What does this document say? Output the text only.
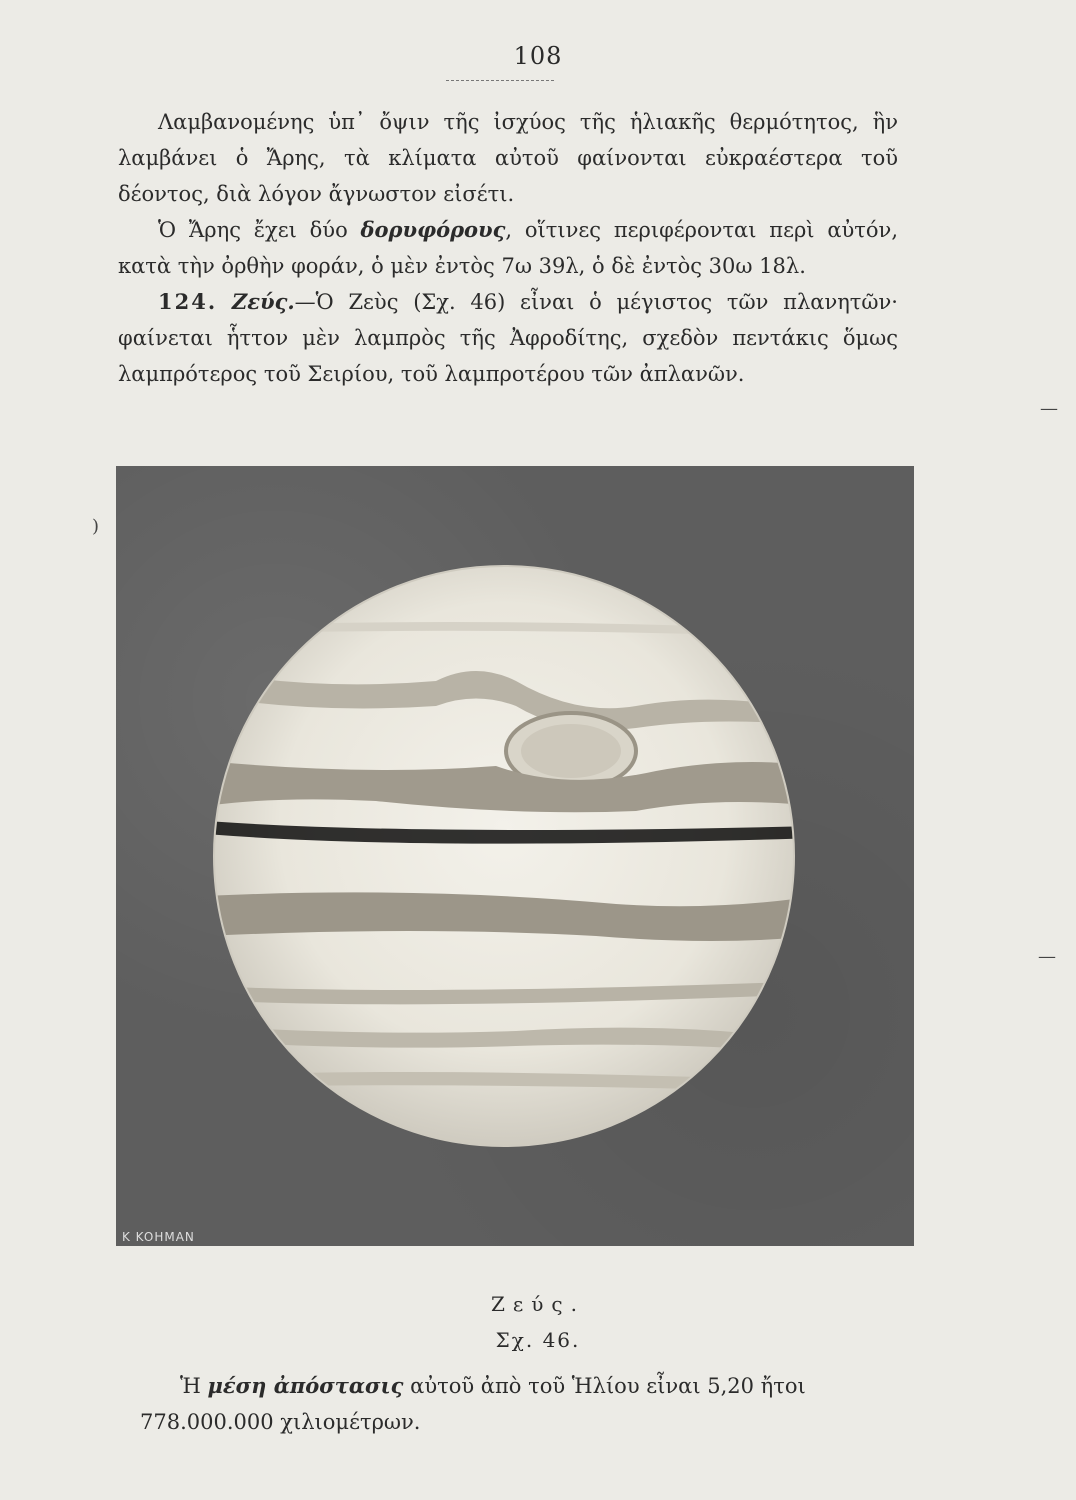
108

Λαμβανομένης ὑπ᾽ ὄψιν τῆς ἰσχύος τῆς ἡλιακῆς θερμότητος, ἣν λαμβάνει ὁ Ἄρης, τὰ κλίματα αὐτοῦ φαίνονται εὐκραέστερα τοῦ δέοντος, διὰ λόγον ἄγνωστον εἰσέτι.

Ὁ Ἄρης ἔχει δύο δορυφόρους, οἵτινες περιφέρονται περὶ αὐτόν, κατὰ τὴν ὀρθὴν φοράν, ὁ μὲν ἐντὸς 7ω 39λ, ὁ δὲ ἐντὸς 30ω 18λ.

124. Ζεύς.—Ὁ Ζεὺς (Σχ. 46) εἶναι ὁ μέγιστος τῶν πλανητῶν· φαίνεται ἧττον μὲν λαμπρὸς τῆς Ἀφροδίτης, σχεδὸν πεντάκις ὅμως λαμπρότερος τοῦ Σειρίου, τοῦ λαμπροτέρου τῶν ἀπλανῶν.

K KOHMAN
Ζεύς.
Σχ. 46.

Ἡ μέση ἀπόστασις αὐτοῦ ἀπὸ τοῦ Ἡλίου εἶναι 5,20 ἤτοι 778.000.000 χιλιομέτρων.

—
—
)
